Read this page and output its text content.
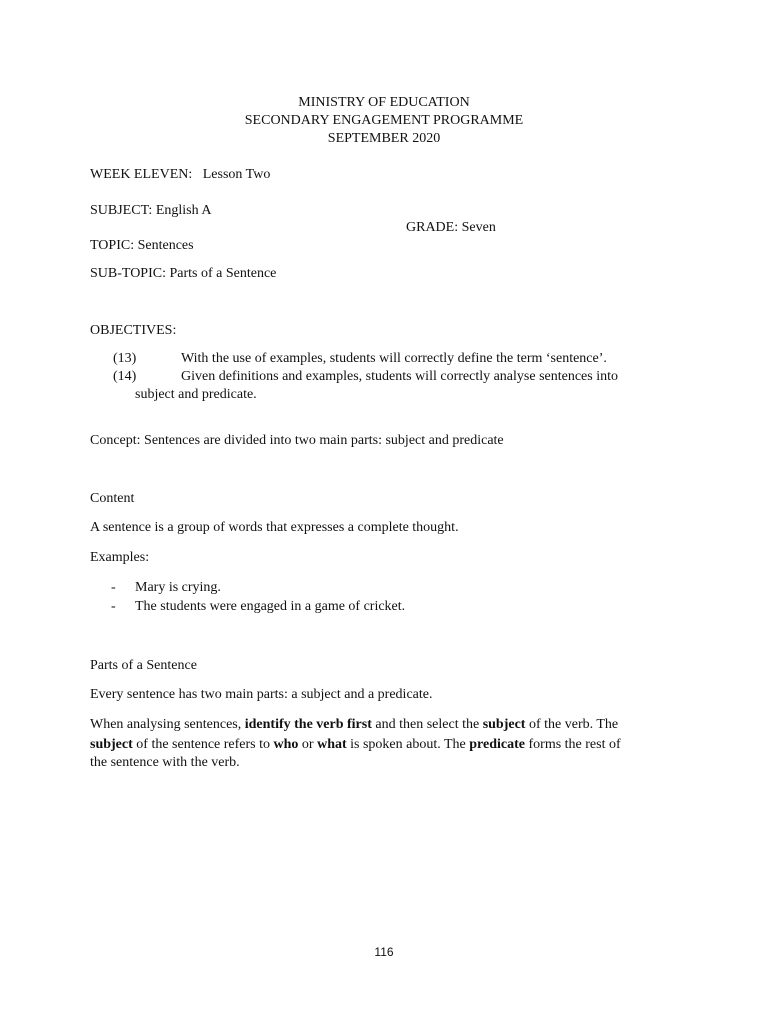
MINISTRY OF EDUCATION
SECONDARY ENGAGEMENT PROGRAMME
SEPTEMBER 2020
WEEK ELEVEN: Lesson Two
SUBJECT: English A
GRADE: Seven
TOPIC: Sentences
SUB-TOPIC: Parts of a Sentence
OBJECTIVES:
(13)	With the use of examples, students will correctly define the term ‘sentence’.
(14)	Given definitions and examples, students will correctly analyse sentences into
subject and predicate.
Concept: Sentences are divided into two main parts: subject and predicate
Content
A sentence is a group of words that expresses a complete thought.
Examples:
- Mary is crying.
- The students were engaged in a game of cricket.
Parts of a Sentence
Every sentence has two main parts: a subject and a predicate.
When analysing sentences, identify the verb first and then select the subject of the verb. The
subject of the sentence refers to who or what is spoken about. The predicate forms the rest of
the sentence with the verb.
116
